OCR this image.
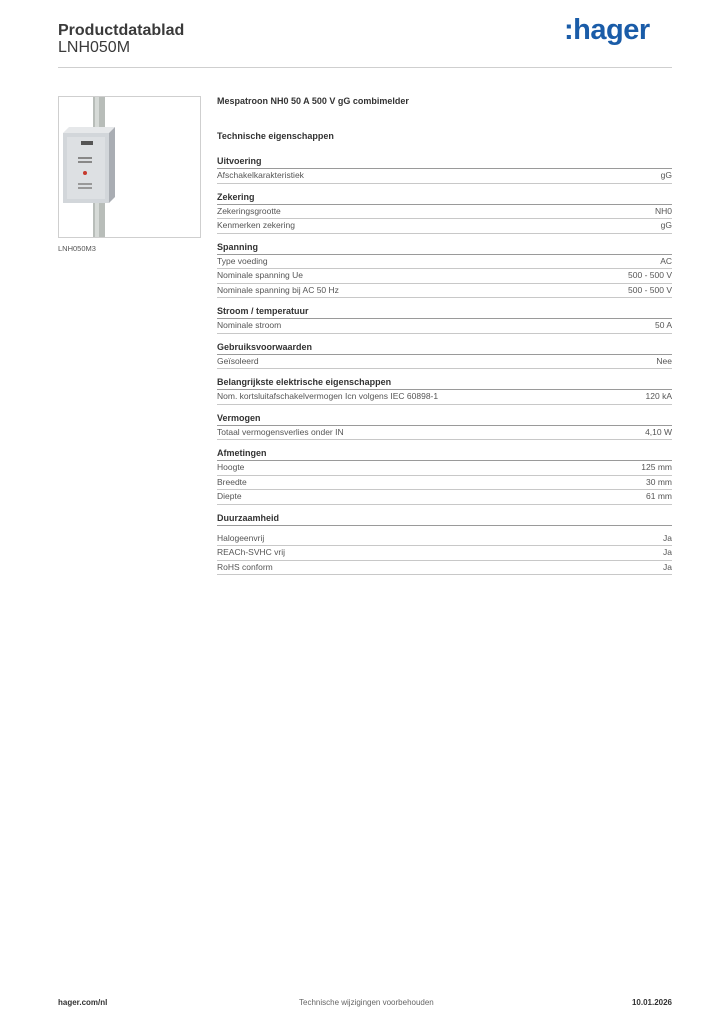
Productdatablad
LNH050M
:hager
LNH050M3
Mespatroon NH0 50 A 500 V gG combimelder
Technische eigenschappen
Uitvoering
Afschakelkarakteristiek	gG
Zekering
Zekeringsgrootte	NH0
Kenmerken zekering	gG
Spanning
Type voeding	AC
Nominale spanning Ue	500 - 500 V
Nominale spanning bij AC 50 Hz	500 - 500 V
Stroom / temperatuur
Nominale stroom	50 A
Gebruiksvoorwaarden
Geïsoleerd	Nee
Belangrijkste elektrische eigenschappen
Nom. kortsluitafschakelvermogen Icn volgens IEC 60898-1	120 kA
Vermogen
Totaal vermogensverlies onder IN	4,10 W
Afmetingen
Hoogte	125 mm
Breedte	30 mm
Diepte	61 mm
Duurzaamheid
Halogeenvrij	Ja
REACh-SVHC vrij	Ja
RoHS conform	Ja
hager.com/nl	Technische wijzigingen voorbehouden	10.01.2026
